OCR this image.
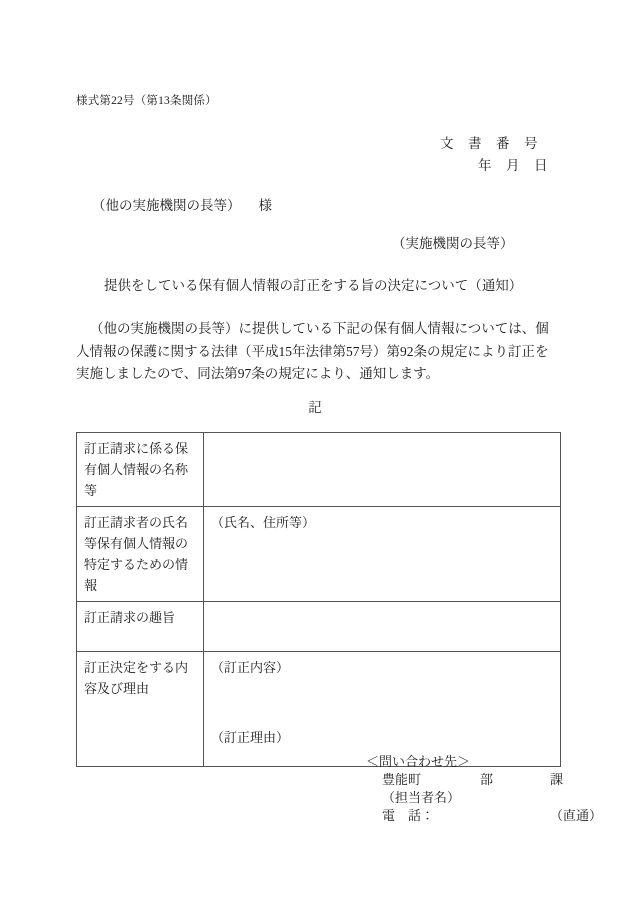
様式第22号（第13条関係）
文　書　番　号
年　月　日
（他の実施機関の長等） 様
（実施機関の長等）
提供をしている保有個人情報の訂正をする旨の決定について（通知）
（他の実施機関の長等）に提供している下記の保有個人情報については、個
人情報の保護に関する法律（平成15年法律第57号）第92条の規定により訂正を
実施しましたので、同法第97条の規定により、通知します。
記
訂正請求に係る保有個人情報の名称等	
訂正請求者の氏名等保有個人情報の特定するための情報	（氏名、住所等）
訂正請求の趣旨	
訂正決定をする内容及び理由	（訂正内容）
（訂正理由）
＜問い合わせ先＞
豊能町	部	課
（担当者名）
電　話：	（直通）
